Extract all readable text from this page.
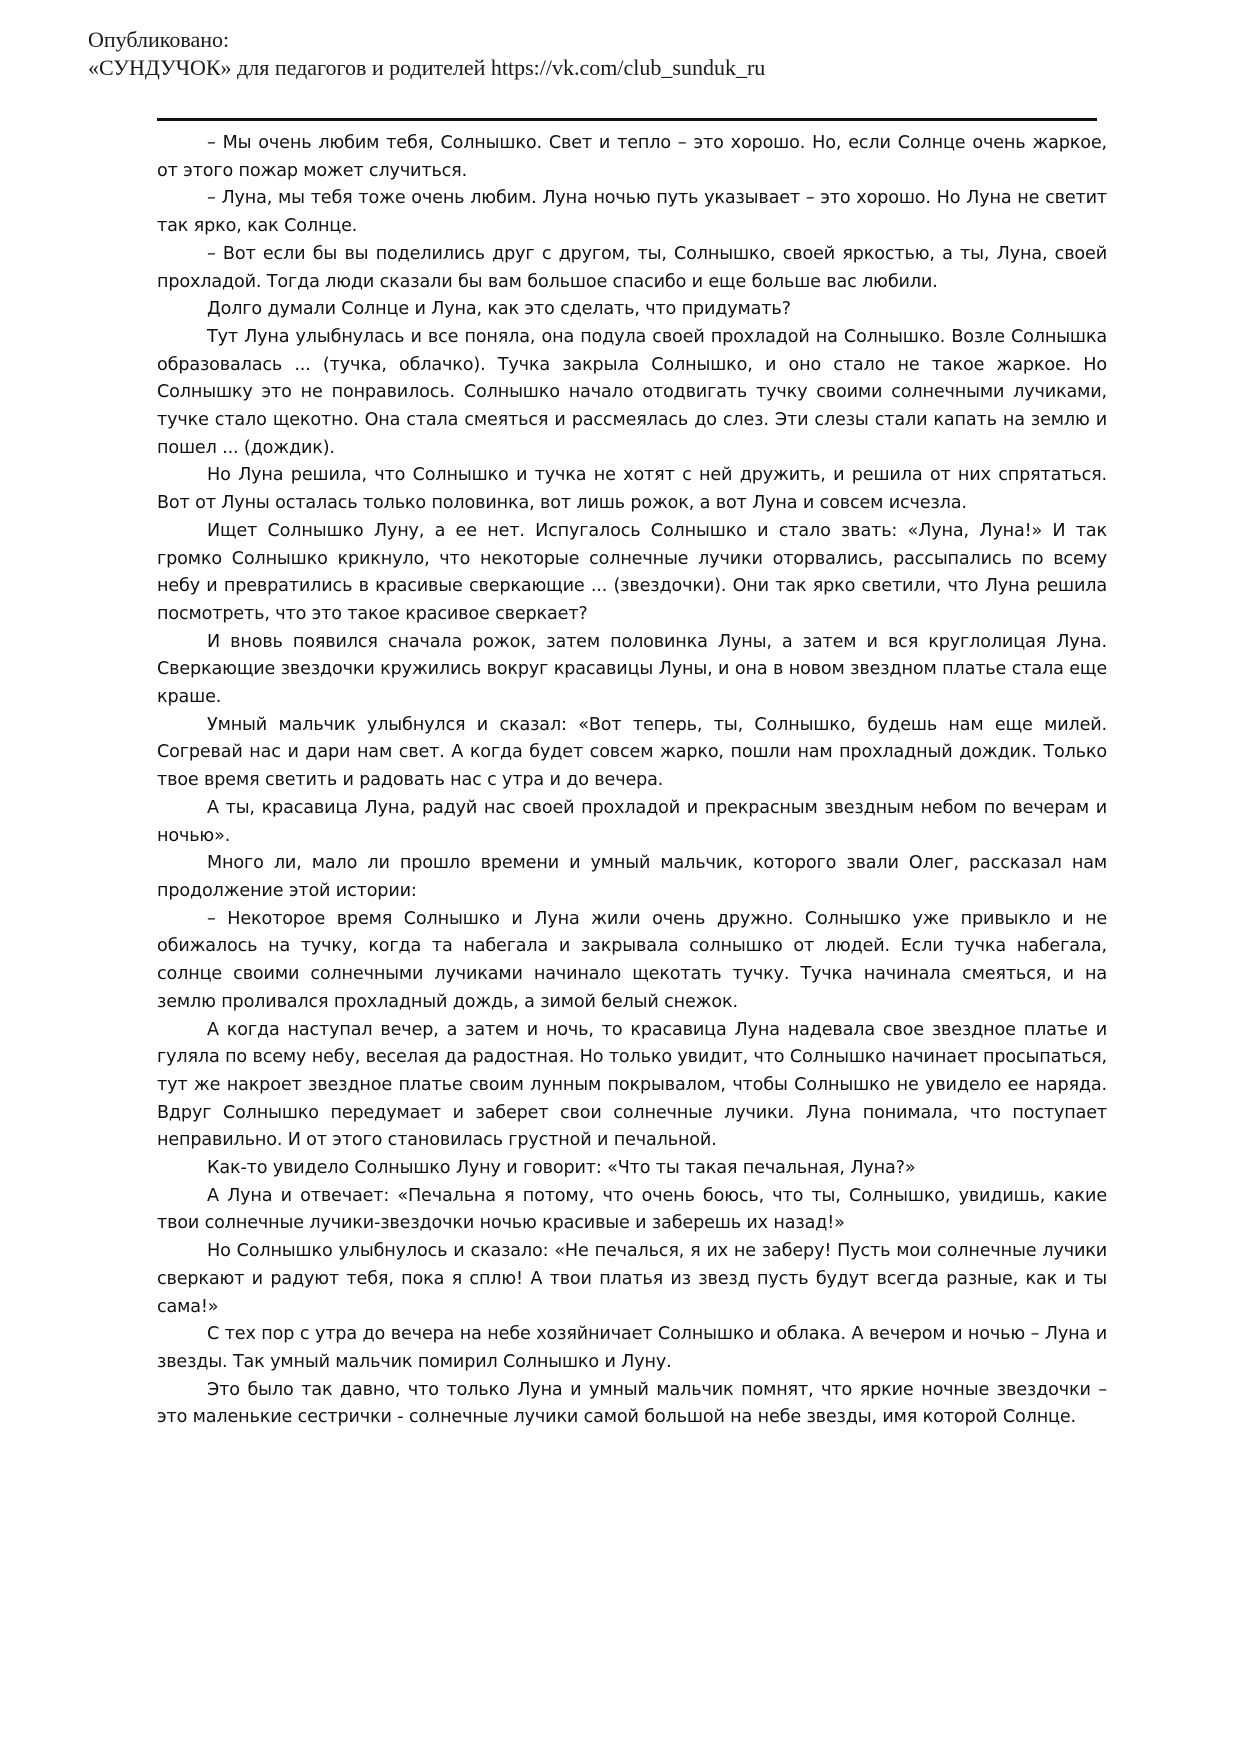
Опубликовано:
«СУНДУЧОК» для педагогов и родителей https://vk.com/club_sunduk_ru

– Мы очень любим тебя, Солнышко. Свет и тепло – это хорошо. Но, если Солнце очень жаркое, от этого пожар может случиться.

– Луна, мы тебя тоже очень любим. Луна ночью путь указывает – это хорошо. Но Луна не светит так ярко, как Солнце.

– Вот если бы вы поделились друг с другом, ты, Солнышко, своей яркостью, а ты, Луна, своей прохладой. Тогда люди сказали бы вам большое спасибо и еще больше вас любили.

Долго думали Солнце и Луна, как это сделать, что придумать?

Тут Луна улыбнулась и все поняла, она подула своей прохладой на Солнышко. Возле Солнышка образовалась ... (тучка, облачко). Тучка закрыла Солнышко, и оно стало не такое жаркое. Но Солнышку это не понравилось. Солнышко начало отодвигать тучку своими солнечными лучиками, тучке стало щекотно. Она стала смеяться и рассмеялась до слез. Эти слезы стали капать на землю и пошел ... (дождик).

Но Луна решила, что Солнышко и тучка не хотят с ней дружить, и решила от них спрятаться. Вот от Луны осталась только половинка, вот лишь рожок, а вот Луна и совсем исчезла.

Ищет Солнышко Луну, а ее нет. Испугалось Солнышко и стало звать: «Луна, Луна!» И так громко Солнышко крикнуло, что некоторые солнечные лучики оторвались, рассыпались по всему небу и превратились в красивые сверкающие ... (звездочки). Они так ярко светили, что Луна решила посмотреть, что это такое красивое сверкает?

И вновь появился сначала рожок, затем половинка Луны, а затем и вся круглолицая Луна. Сверкающие звездочки кружились вокруг красавицы Луны, и она в новом звездном платье стала еще краше.

Умный мальчик улыбнулся и сказал: «Вот теперь, ты, Солнышко, будешь нам еще милей. Согревай нас и дари нам свет. А когда будет совсем жарко, пошли нам прохладный дождик. Только твое время светить и радовать нас с утра и до вечера.

А ты, красавица Луна, радуй нас своей прохладой и прекрасным звездным небом по вечерам и ночью».

Много ли, мало ли прошло времени и умный мальчик, которого звали Олег, рассказал нам продолжение этой истории:

– Некоторое время Солнышко и Луна жили очень дружно. Солнышко уже привыкло и не обижалось на тучку, когда та набегала и закрывала солнышко от людей. Если тучка набегала, солнце своими солнечными лучиками начинало щекотать тучку. Тучка начинала смеяться, и на землю проливался прохладный дождь, а зимой белый снежок.

А когда наступал вечер, а затем и ночь, то красавица Луна надевала свое звездное платье и гуляла по всему небу, веселая да радостная. Но только увидит, что Солнышко начинает просыпаться, тут же накроет звездное платье своим лунным покрывалом, чтобы Солнышко не увидело ее наряда. Вдруг Солнышко передумает и заберет свои солнечные лучики. Луна понимала, что поступает неправильно. И от этого становилась грустной и печальной.

Как-то увидело Солнышко Луну и говорит: «Что ты такая печальная, Луна?»

А Луна и отвечает: «Печальна я потому, что очень боюсь, что ты, Солнышко, увидишь, какие твои солнечные лучики-звездочки ночью красивые и заберешь их назад!»

Но Солнышко улыбнулось и сказало: «Не печалься, я их не заберу! Пусть мои солнечные лучики сверкают и радуют тебя, пока я сплю! А твои платья из звезд пусть будут всегда разные, как и ты сама!»

С тех пор с утра до вечера на небе хозяйничает Солнышко и облака. А вечером и ночью – Луна и звезды. Так умный мальчик помирил Солнышко и Луну.

Это было так давно, что только Луна и умный мальчик помнят, что яркие ночные звездочки – это маленькие сестрички - солнечные лучики самой большой на небе звезды, имя которой Солнце.
